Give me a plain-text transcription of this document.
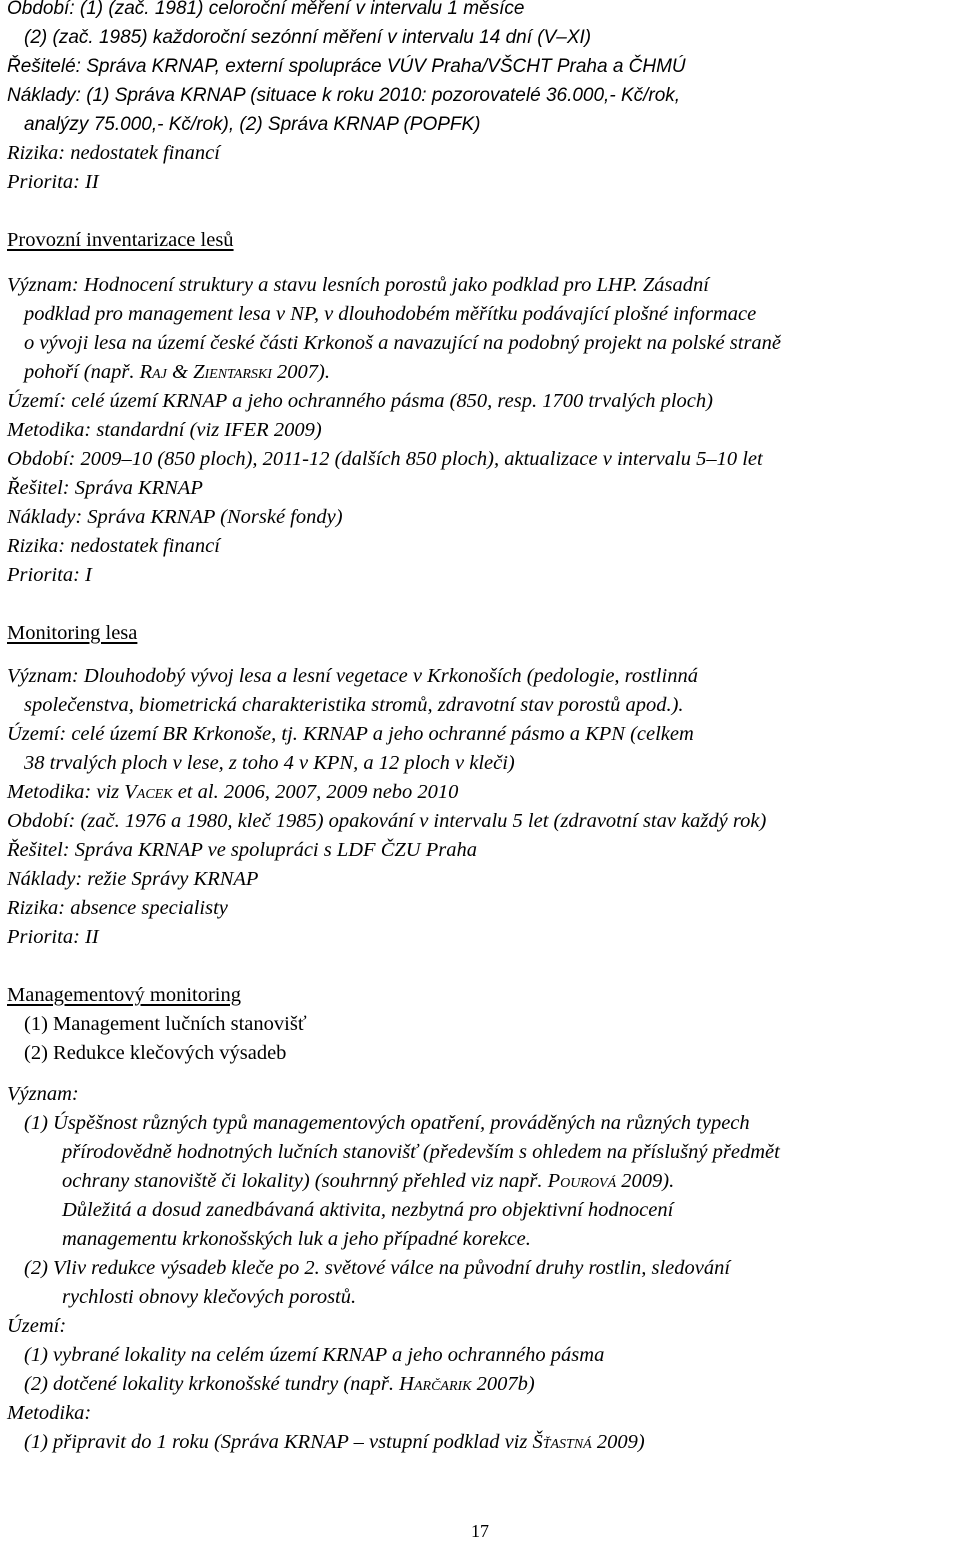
Období: (1) (zač. 1981) celoroční měření v intervalu 1 měsíce
(2) (zač. 1985) každoroční sezónní měření v intervalu 14 dní (V–XI)
Řešitelé: Správa KRNAP, externí spolupráce VÚV Praha/VŠCHT Praha a ČHMÚ
Náklady: (1) Správa KRNAP (situace k roku 2010: pozorovatelé 36.000,- Kč/rok,
analýzy 75.000,- Kč/rok), (2) Správa KRNAP (POPFK)
Rizika: nedostatek financí
Priorita: II
Provozní inventarizace lesů
Význam: Hodnocení struktury a stavu lesních porostů jako podklad pro LHP. Zásadní
podklad pro management lesa v NP, v dlouhodobém měřítku podávající plošné informace
o vývoji lesa na území české části Krkonoš a navazující na podobný projekt na polské straně
pohoří (např. Raj & Zientarski 2007).
Území: celé území KRNAP a jeho ochranného pásma (850, resp. 1700 trvalých ploch)
Metodika: standardní (viz IFER 2009)
Období: 2009–10 (850 ploch), 2011-12 (dalších 850 ploch), aktualizace v intervalu 5–10 let
Řešitel: Správa KRNAP
Náklady: Správa KRNAP (Norské fondy)
Rizika: nedostatek financí
Priorita: I
Monitoring lesa
Význam: Dlouhodobý vývoj lesa a lesní vegetace v Krkonoších (pedologie, rostlinná
společenstva, biometrická charakteristika stromů, zdravotní stav porostů apod.).
Území: celé území BR Krkonoše, tj. KRNAP a jeho ochranné pásmo a KPN (celkem
38 trvalých ploch v lese, z toho 4 v KPN, a 12 ploch v kleči)
Metodika: viz Vacek et al. 2006, 2007, 2009 nebo 2010
Období: (zač. 1976 a 1980, kleč 1985) opakování v intervalu 5 let (zdravotní stav každý rok)
Řešitel: Správa KRNAP ve spolupráci s LDF ČZU Praha
Náklady: režie Správy KRNAP
Rizika: absence specialisty
Priorita: II
Managementový monitoring
(1) Management lučních stanovišť
(2) Redukce klečových výsadeb
Význam:
(1) Úspěšnost různých typů managementových opatření, prováděných na různých typech
přírodovědně hodnotných lučních stanovišť (především s ohledem na příslušný předmět
ochrany stanoviště či lokality) (souhrnný přehled viz např. Pourová 2009).
Důležitá a dosud zanedbávaná aktivita, nezbytná pro objektivní hodnocení
managementu krkonošských luk a jeho případné korekce.
(2) Vliv redukce výsadeb kleče po 2. světové válce na původní druhy rostlin, sledování
rychlosti obnovy klečových porostů.
Území:
(1) vybrané lokality na celém území KRNAP a jeho ochranného pásma
(2) dotčené lokality krkonošské tundry (např. Harčarik 2007b)
Metodika:
(1) připravit do 1 roku (Správa KRNAP – vstupní podklad viz Šťastná 2009)
17
